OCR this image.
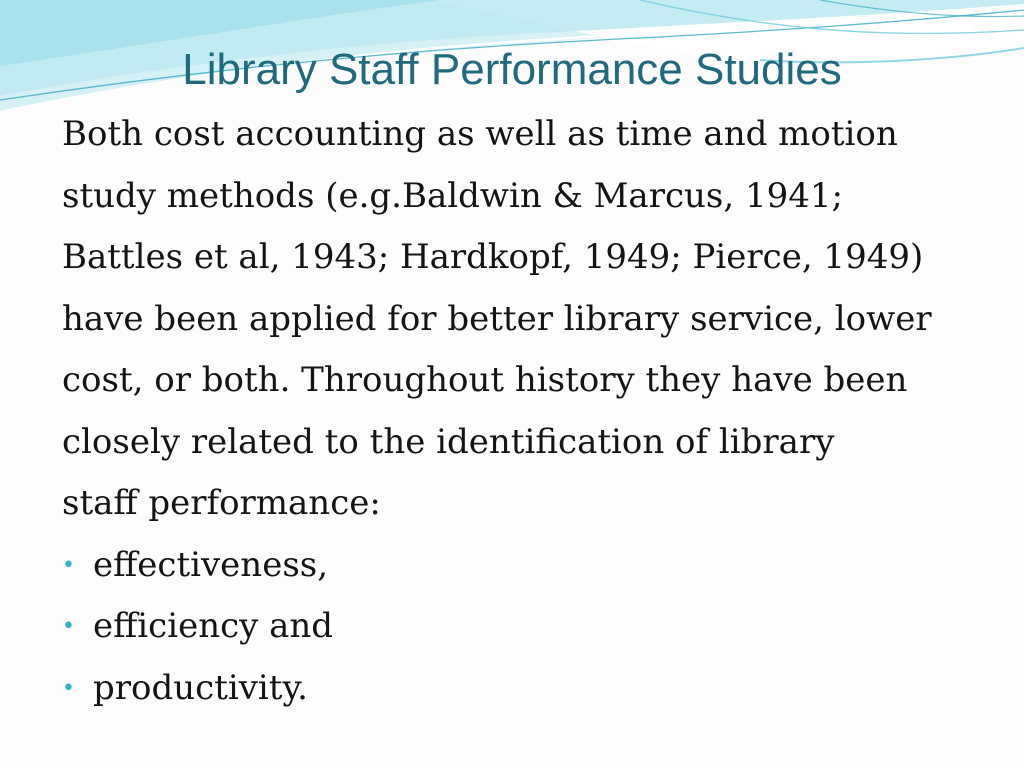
Library Staff Performance Studies

Both cost accounting as well as time and motion
study methods (e.g.Baldwin & Marcus, 1941;
Battles et al, 1943; Hardkopf, 1949; Pierce, 1949)
have been applied for better library service, lower
cost, or both. Throughout history they have been
closely related to the identification of library
staff performance:

• effectiveness,
• efficiency and
• productivity.
